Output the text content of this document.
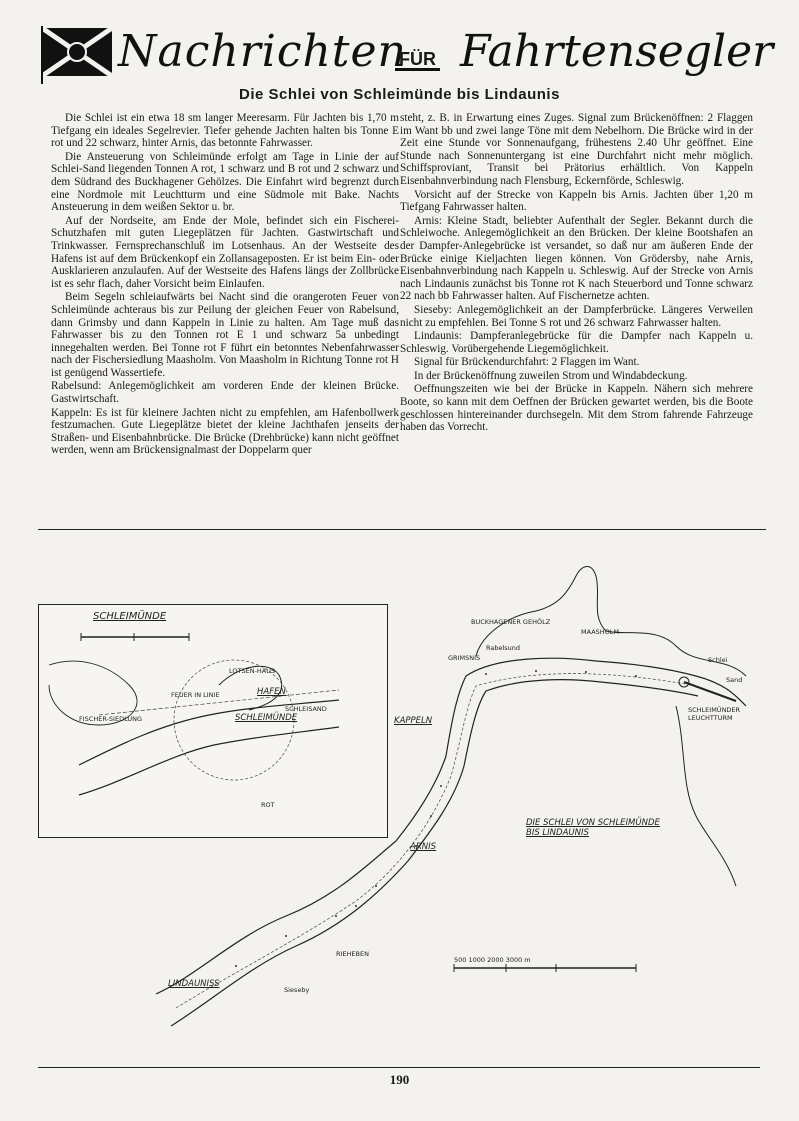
Nachrichten
FÜR Fahrtensegler
Die Schlei von Schleimünde bis Lindaunis

Die Schlei ist ein etwa 18 sm langer Meeresarm. Für Jachten bis 1,70 m Tiefgang ein ideales Segelrevier. Tiefer gehende Jachten halten bis Tonne E rot und 22 schwarz, hinter Arnis, das betonnte Fahrwasser.

Die Ansteuerung von Schleimünde erfolgt am Tage in Linie der auf Schlei-Sand liegenden Tonnen A rot, 1 schwarz und B rot und 2 schwarz und dem Südrand des Buckhagener Gehölzes. Die Einfahrt wird begrenzt durch eine Nordmole mit Leuchtturm und eine Südmole mit Bake. Nachts Ansteuerung in dem weißen Sektor u. br.

Auf der Nordseite, am Ende der Mole, befindet sich ein Fischerei-Schutzhafen mit guten Liegeplätzen für Jachten. Gastwirtschaft und Trinkwasser. Fernsprechanschluß im Lotsenhaus. An der Westseite des Hafens ist auf dem Brückenkopf ein Zollansageposten. Er ist beim Ein- oder Ausklarieren anzulaufen. Auf der Westseite des Hafens längs der Zollbrücke ist es sehr flach, daher Vorsicht beim Einlaufen.

Beim Segeln schleiaufwärts bei Nacht sind die orangeroten Feuer von Schleimünde achteraus bis zur Peilung der gleichen Feuer von Rabelsund, dann Grimsby und dann Kappeln in Linie zu halten. Am Tage muß das Fahrwasser bis zu den Tonnen rot E 1 und schwarz 5a unbedingt innegehalten werden. Bei Tonne rot F führt ein betonntes Nebenfahrwasser nach der Fischersiedlung Maasholm. Von Maasholm in Richtung Tonne rot H ist genügend Wassertiefe.

Rabelsund: Anlegemöglichkeit am vorderen Ende der kleinen Brücke. Gastwirtschaft.

Kappeln: Es ist für kleinere Jachten nicht zu empfehlen, am Hafenbollwerk festzumachen. Gute Liegeplätze bietet der kleine Jachthafen jenseits der Straßen- und Eisenbahnbrücke. Die Brücke (Drehbrücke) kann nicht geöffnet werden, wenn am Brückensignalmast der Doppelarm quer

steht, z. B. in Erwartung eines Zuges. Signal zum Brückenöffnen: 2 Flaggen im Want bb und zwei lange Töne mit dem Nebelhorn. Die Brücke wird in der Zeit eine Stunde vor Sonnenaufgang, frühestens 2.40 Uhr geöffnet. Eine Stunde nach Sonnenuntergang ist eine Durchfahrt nicht mehr möglich. Schiffsproviant, Transit bei Prätorius erhältlich. Von Kappeln Eisenbahnverbindung nach Flensburg, Eckernförde, Schleswig.

Vorsicht auf der Strecke von Kappeln bis Arnis. Jachten über 1,20 m Tiefgang Fahrwasser halten.

Arnis: Kleine Stadt, beliebter Aufenthalt der Segler. Bekannt durch die Schleiwoche. Anlegemöglichkeit an den Brücken. Der kleine Bootshafen an der Dampfer-Anlegebrücke ist versandet, so daß nur am äußeren Ende der Brücke einige Kieljachten liegen können. Von Grödersby, nahe Arnis, Eisenbahnverbindung nach Kappeln u. Schleswig. Auf der Strecke von Arnis nach Lindaunis zunächst bis Tonne rot K nach Steuerbord und Tonne schwarz 22 nach bb Fahrwasser halten. Auf Fischernetze achten.

Sieseby: Anlegemöglichkeit an der Dampferbrücke. Längeres Verweilen nicht zu empfehlen. Bei Tonne S rot und 26 schwarz Fahrwasser halten.

Lindaunis: Dampferanlegebrücke für die Dampfer nach Kappeln u. Schleswig. Vorübergehende Liegemöglichkeit.

Signal für Brückendurchfahrt: 2 Flaggen im Want.

In der Brückenöffnung zuweilen Strom und Windabdeckung.

Oeffnungszeiten wie bei der Brücke in Kappeln. Nähern sich mehrere Boote, so kann mit dem Oeffnen der Brücken gewartet werden, bis die Boote geschlossen hintereinander durchsegeln. Mit dem Strom fahrende Fahrzeuge haben das Vorrecht.

BUCKHAGENER GEHÖLZ
MAASHOLM
GRIMSNIS
Rabelsund
KAPPELN
ARNIS
Schlei
Sand
SCHLEIMÜNDER LEUCHTTURM
DIE SCHLEI VON SCHLEIMÜNDE BIS LINDAUNIS
LINDAUNISS
Sieseby
RIEHEBEN
500 1000 2000 3000 m
SCHLEIMÜNDE
LOTSEN-HAUS
FEUER IN LINIE
FISCHER-SIEDLUNG
HAFEN
SCHLEIMÜNDE
SCHLEISAND
ROT
190
